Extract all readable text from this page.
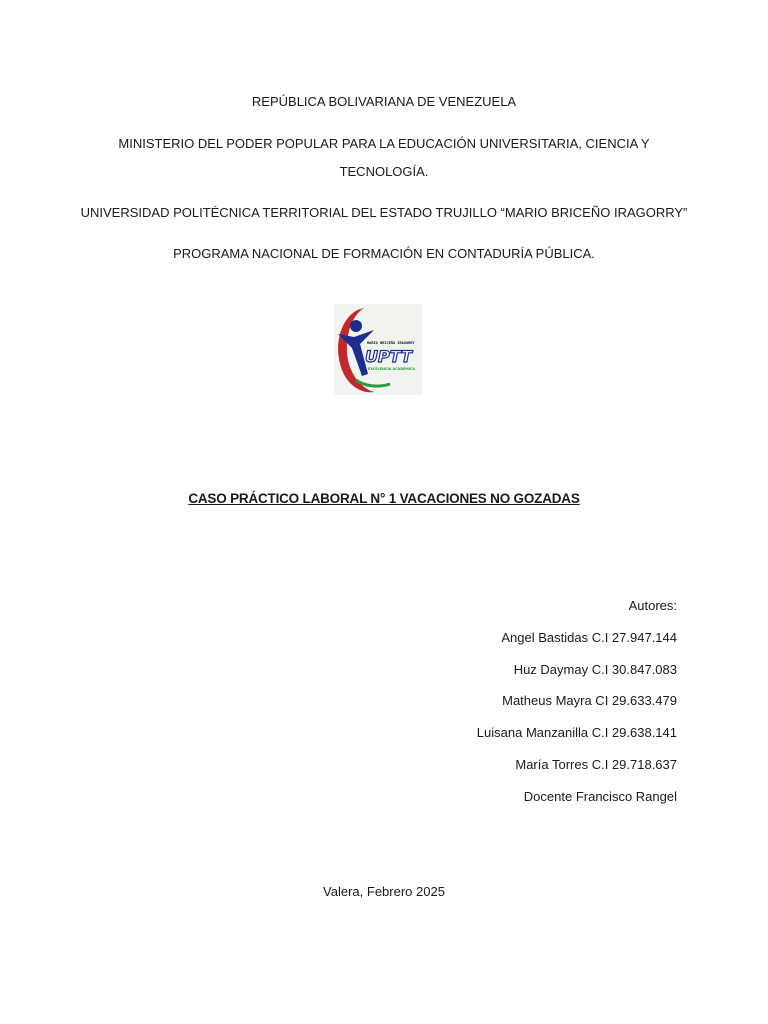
REPÚBLICA BOLIVARIANA DE VENEZUELA
MINISTERIO DEL PODER POPULAR PARA LA EDUCACIÓN UNIVERSITARIA, CIENCIA Y TECNOLOGÍA.
UNIVERSIDAD POLITÉCNICA TERRITORIAL DEL ESTADO TRUJILLO “MARIO BRICEÑO IRAGORRY”
PROGRAMA NACIONAL DE FORMACIÓN EN CONTADURÍA PÚBLICA.
MARIO BRICEÑO IRAGORRY
UPTT
EXCELENCIA ACADÉMICA
CASO PRÁCTICO LABORAL N° 1 VACACIONES NO GOZADAS
Autores:
Angel Bastidas C.I 27.947.144
Huz Daymay C.I 30.847.083
Matheus Mayra CI 29.633.479
Luisana Manzanilla C.I 29.638.141
María Torres C.I 29.718.637
Docente Francisco Rangel
Valera, Febrero 2025
